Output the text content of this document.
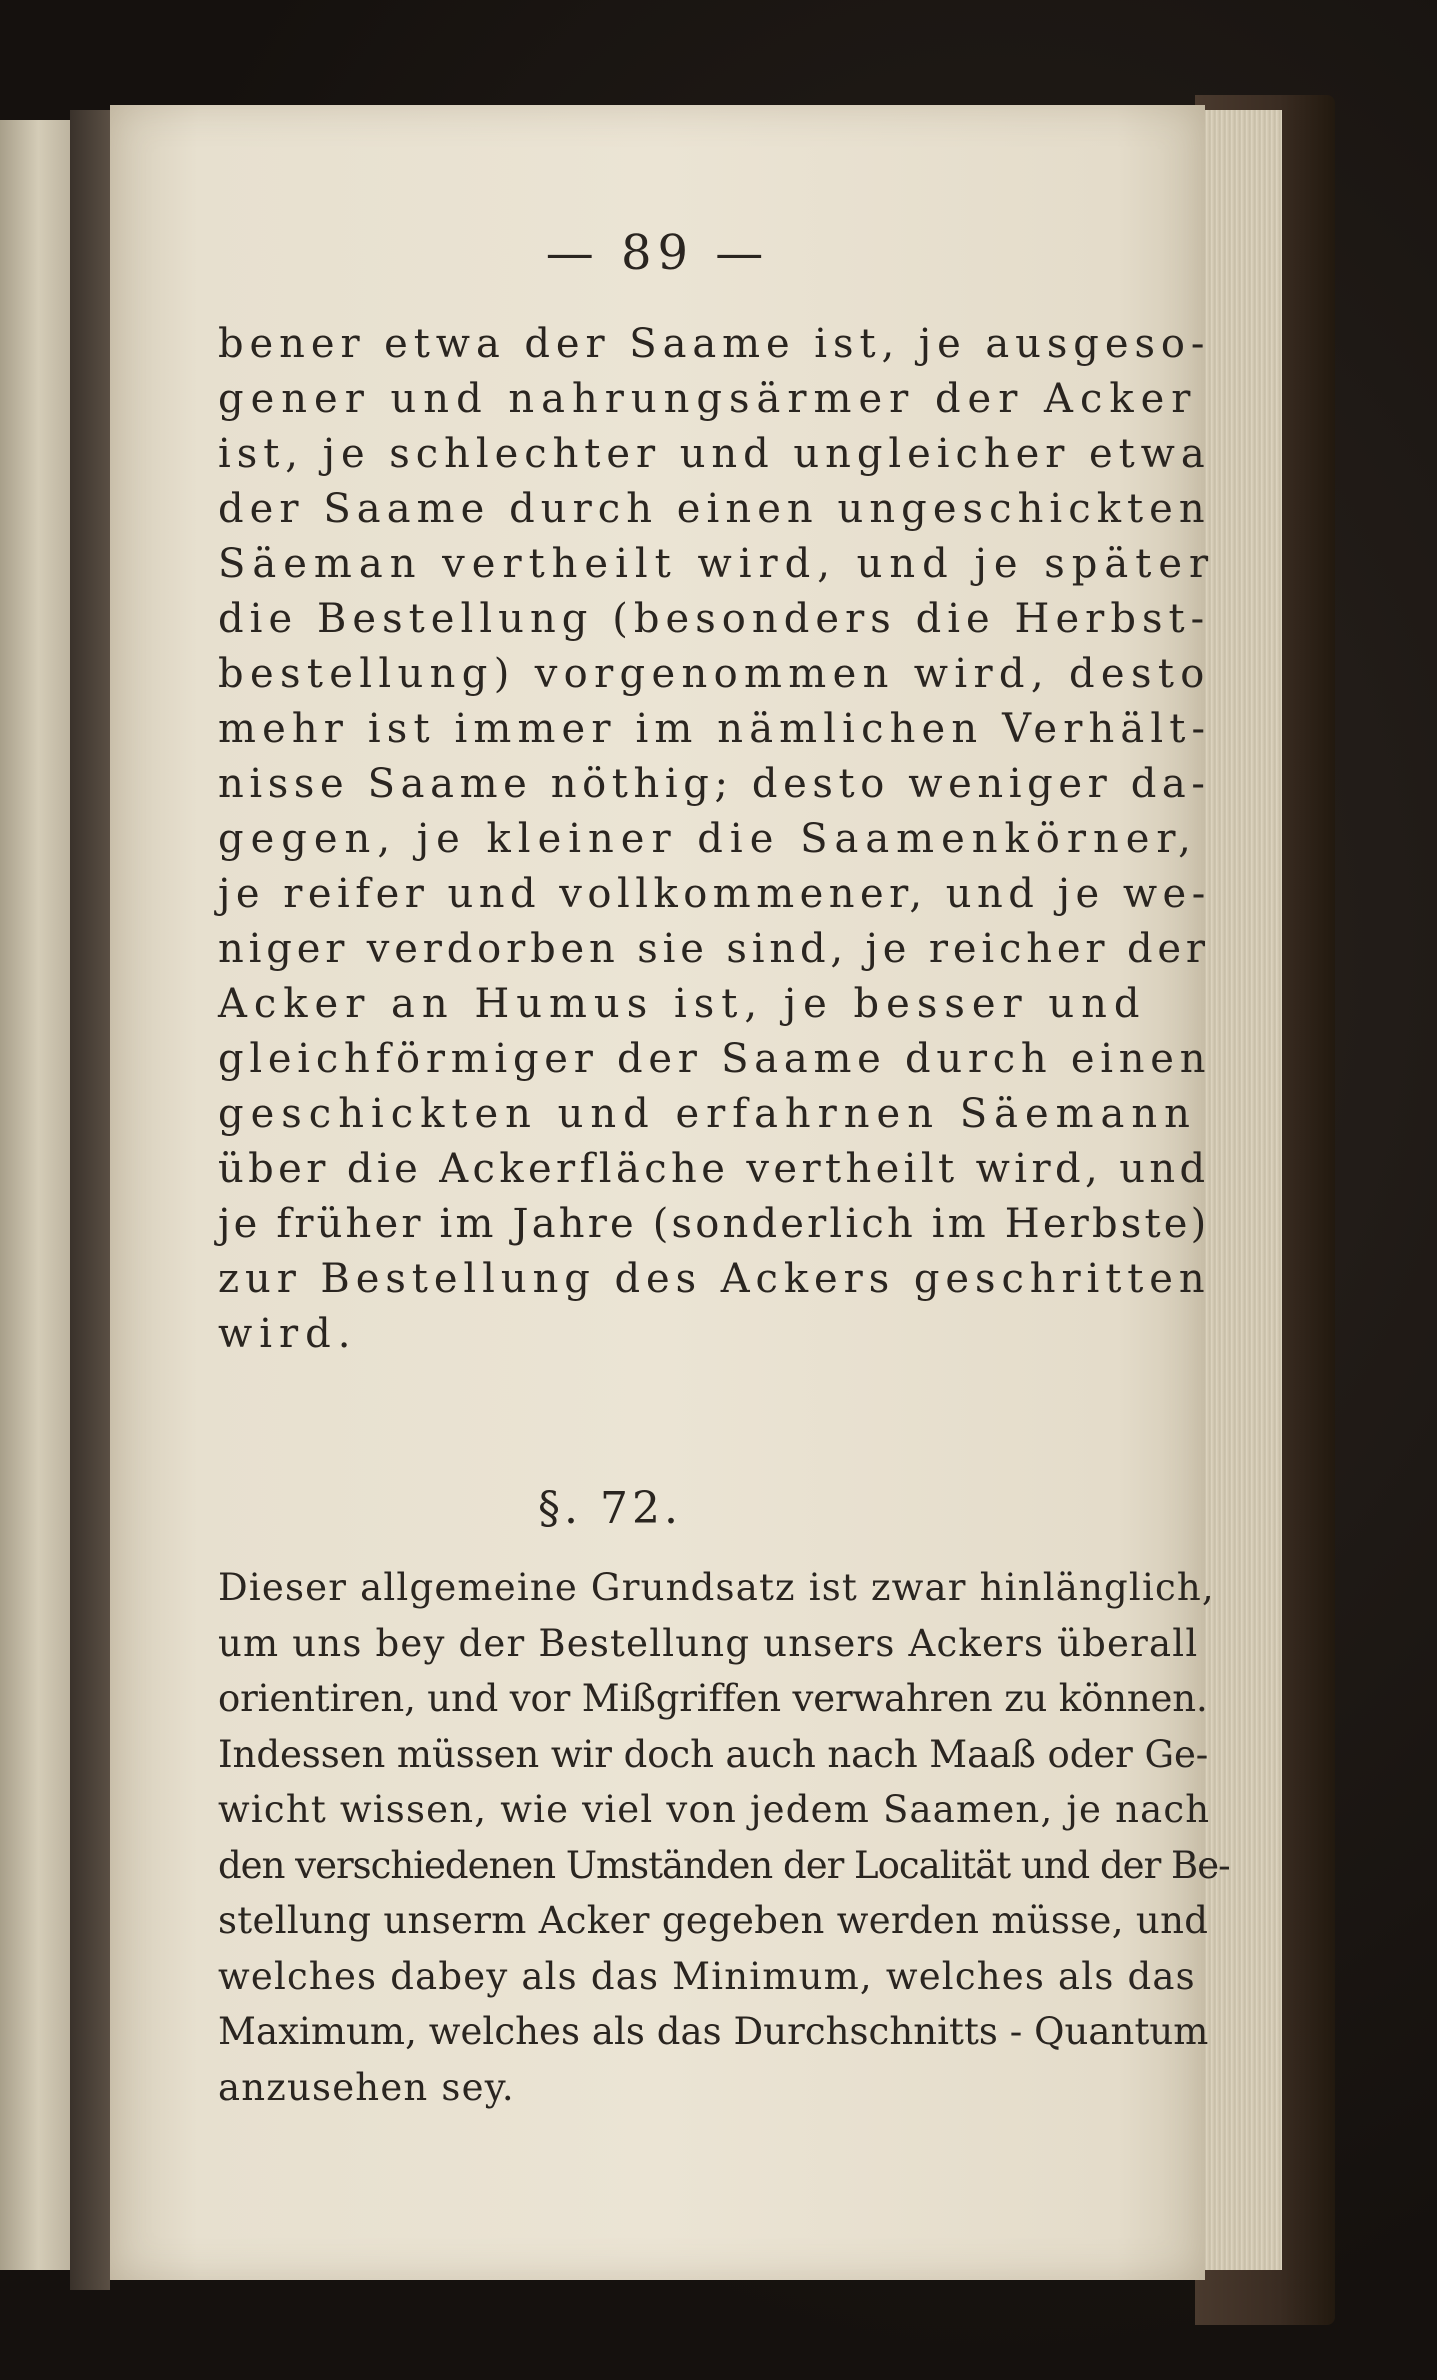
— 89 —
bener etwa der Saame ist, je ausgeso-
gener und nahrungsärmer der Acker
ist, je schlechter und ungleicher etwa
der Saame durch einen ungeschickten
Säeman vertheilt wird, und je später
die Bestellung (besonders die Herbst-
bestellung) vorgenommen wird, desto
mehr ist immer im nämlichen Verhält-
nisse Saame nöthig; desto weniger da-
gegen, je kleiner die Saamenkörner,
je reifer und vollkommener, und je we-
niger verdorben sie sind, je reicher der
Acker an Humus ist, je besser und
gleichförmiger der Saame durch einen
geschickten und erfahrnen Säemann
über die Ackerfläche vertheilt wird, und
je früher im Jahre (sonderlich im Herbste)
zur Bestellung des Ackers geschritten
wird.
§. 72.
Dieser allgemeine Grundsatz ist zwar hinlänglich,
um uns bey der Bestellung unsers Ackers überall
orientiren, und vor Mißgriffen verwahren zu können.
Indessen müssen wir doch auch nach Maaß oder Ge-
wicht wissen, wie viel von jedem Saamen, je nach
den verschiedenen Umständen der Localität und der Be-
stellung unserm Acker gegeben werden müsse, und
welches dabey als das Minimum, welches als das
Maximum, welches als das Durchschnitts - Quantum
anzusehen sey.
